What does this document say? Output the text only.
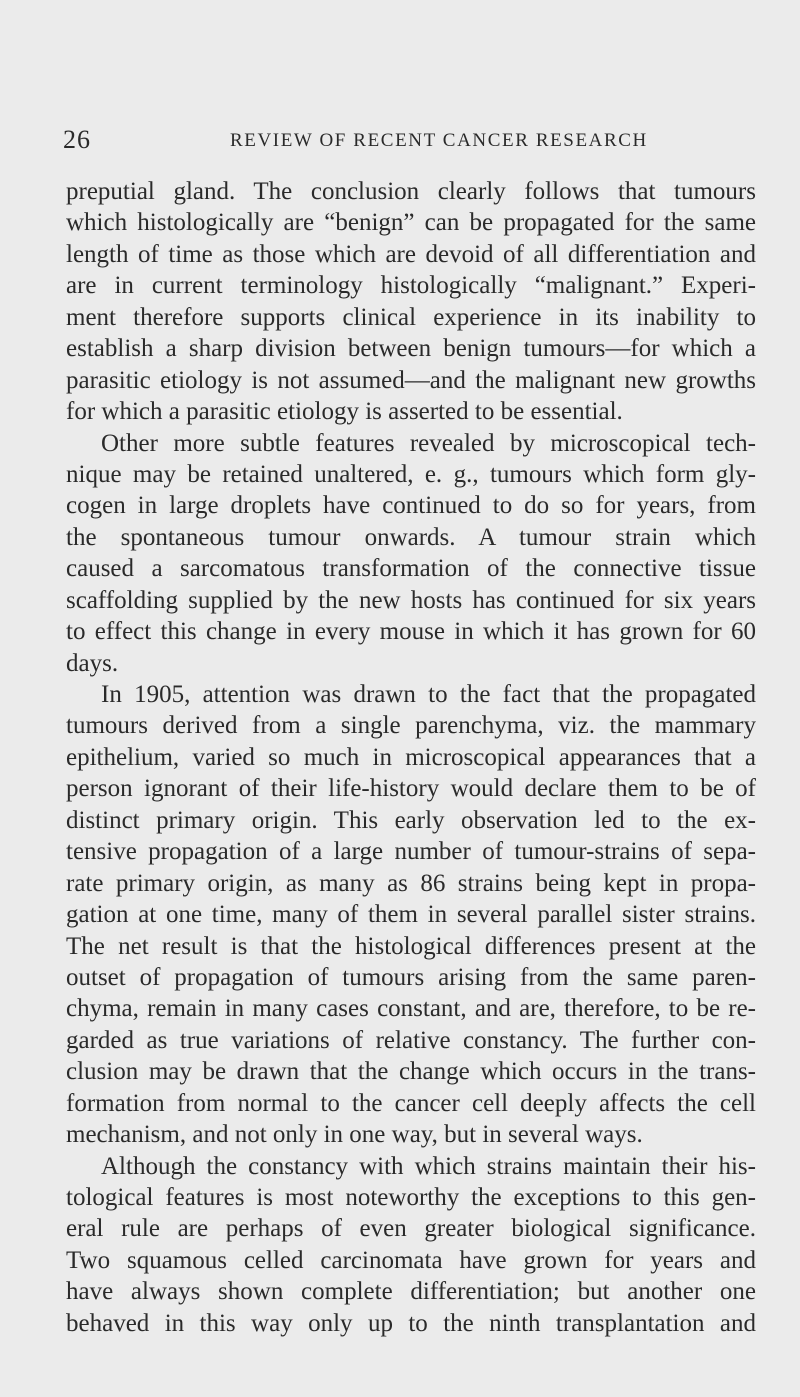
26	REVIEW OF RECENT CANCER RESEARCH
preputial gland. The conclusion clearly follows that tumours
which histologically are “benign” can be propagated for the same
length of time as those which are devoid of all differentiation and
are in current terminology histologically “malignant.” Experi-
ment therefore supports clinical experience in its inability to
establish a sharp division between benign tumours—for which a
parasitic etiology is not assumed—and the malignant new growths
for which a parasitic etiology is asserted to be essential.
Other more subtle features revealed by microscopical tech-
nique may be retained unaltered, e. g., tumours which form gly-
cogen in large droplets have continued to do so for years, from
the spontaneous tumour onwards. A tumour strain which
caused a sarcomatous transformation of the connective tissue
scaffolding supplied by the new hosts has continued for six years
to effect this change in every mouse in which it has grown for 60
days.
In 1905, attention was drawn to the fact that the propagated
tumours derived from a single parenchyma, viz. the mammary
epithelium, varied so much in microscopical appearances that a
person ignorant of their life-history would declare them to be of
distinct primary origin. This early observation led to the ex-
tensive propagation of a large number of tumour-strains of sepa-
rate primary origin, as many as 86 strains being kept in propa-
gation at one time, many of them in several parallel sister strains.
The net result is that the histological differences present at the
outset of propagation of tumours arising from the same paren-
chyma, remain in many cases constant, and are, therefore, to be re-
garded as true variations of relative constancy. The further con-
clusion may be drawn that the change which occurs in the trans-
formation from normal to the cancer cell deeply affects the cell
mechanism, and not only in one way, but in several ways.
Although the constancy with which strains maintain their his-
tological features is most noteworthy the exceptions to this gen-
eral rule are perhaps of even greater biological significance.
Two squamous celled carcinomata have grown for years and
have always shown complete differentiation; but another one
behaved in this way only up to the ninth transplantation and
